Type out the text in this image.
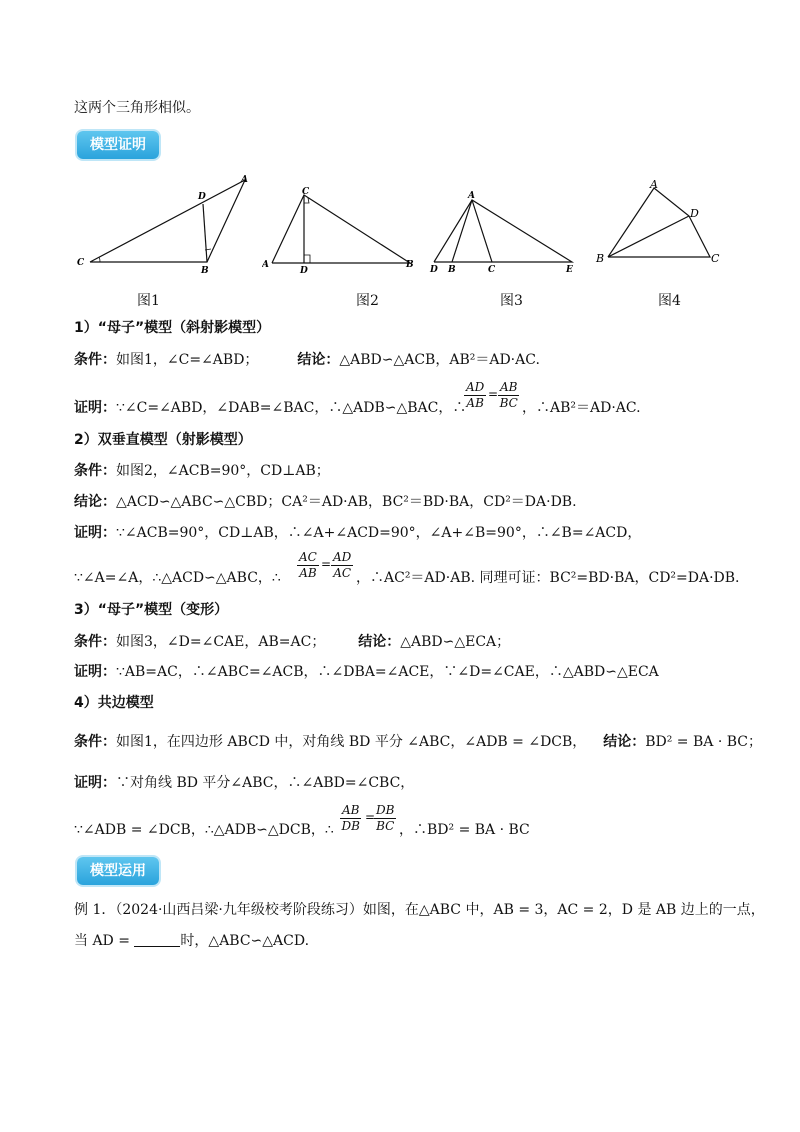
这两个三角形相似。
模型证明
A
D
C
B
C
A
D
B
A
D B	C	E
A
D
B	C
图1	图2	图3	图4
1）“母子”模型（斜射影模型）
条件：如图1，∠C=∠ABD；	结论：△ABD∽△ACB，AB²＝AD·AC.
证明：∵∠C=∠ABD，∠DAB=∠BAC，∴△ADB∽△BAC，∴
$\frac{AD}{AB} = \frac{AB}{BC}$ ，∴AB²＝AD·AC.
2）双垂直模型（射影模型）
条件：如图2，∠ACB=90°，CD⊥AB；
结论：△ACD∽△ABC∽△CBD；CA²＝AD·AB，BC²＝BD·BA，CD²＝DA·DB.
证明：∵∠ACB=90°，CD⊥AB，∴∠A+∠ACD=90°，∠A+∠B=90°，∴∠B=∠ACD，
∵∠A=∠A，∴△ACD∽△ABC，∴ $\frac{AC}{AB} = \frac{AD}{AC}$ ，∴AC²＝AD·AB. 同理可证：BC²=BD·BA，CD²=DA·DB.
3）“母子”模型（变形）
条件：如图3，∠D=∠CAE，AB=AC； 结论：△ABD∽△ECA；
证明：∵AB=AC，∴∠ABC=∠ACB，∴∠DBA=∠ACE，∵∠D=∠CAE，∴△ABD∽△ECA
4）共边模型
条件：如图1，在四边形 ABCD 中，对角线 BD 平分 ∠ABC，∠ADB = ∠DCB， 结论：BD² = BA · BC；
证明：∵对角线 BD 平分∠ABC，∴∠ABD=∠CBC，
∵∠ADB = ∠DCB，∴△ADB∽△DCB，∴ $\frac{AB}{DB}$ =
$\frac{DB}{BC}$ ，∴BD² = BA · BC
模型运用
例 1．（2024·山西吕梁·九年级校考阶段练习）如图，在△ABC 中，AB = 3，AC = 2，D 是 AB 边上的一点，
当 AD =	时，△ABC∽△ACD.
